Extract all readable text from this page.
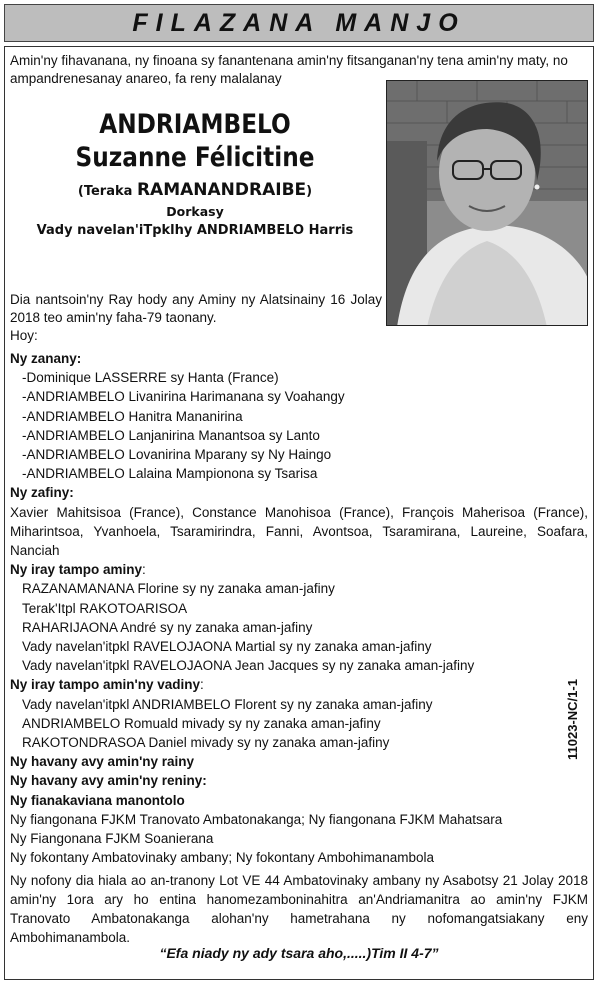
FILAZANA MANJO
Amin'ny fihavanana, ny finoana sy fanantenana amin'ny fitsanganan'ny tena amin'ny maty, no ampandrenesanay anareo, fa reny malalanay
ANDRIAMBELO
Suzanne Félicitine
(Teraka RAMANANDRAIBE)
Dorkasy
Vady navelan'iTpklhy ANDRIAMBELO Harris
Dia nantsoin'ny Ray hody any Aminy ny Alatsinainy 16 Jolay 2018 teo amin'ny faha-79 taonany.
Hoy:
Ny zanany:
-Dominique LASSERRE sy Hanta (France)
-ANDRIAMBELO Livanirina Harimanana sy Voahangy
-ANDRIAMBELO Hanitra Mananirina
-ANDRIAMBELO Lanjanirina Manantsoa sy Lanto
-ANDRIAMBELO Lovanirina Mparany sy Ny Haingo
-ANDRIAMBELO Lalaina Mampionona sy Tsarisa
Ny zafiny:
Xavier Mahitsisoa (France), Constance Manohisoa (France), François Maherisoa (France), Miharintsoa, Yvanhoela, Tsaramirindra, Fanni, Avontsoa, Tsaramirana, Laureine, Soafara, Nanciah
Ny iray tampo aminy:
RAZANAMANANA Florine sy ny zanaka aman-jafiny
Terak'Itpl RAKOTOARISOA
RAHARIJAONA André sy ny zanaka aman-jafiny
Vady navelan'itpkl RAVELOJAONA Martial sy ny zanaka aman-jafiny
Vady navelan'itpkl RAVELOJAONA Jean Jacques sy ny zanaka aman-jafiny
Ny iray tampo amin'ny vadiny:
Vady navelan'itpkl ANDRIAMBELO Florent sy ny zanaka aman-jafiny
ANDRIAMBELO Romuald mivady sy ny zanaka aman-jafiny
RAKOTONDRASOA Daniel mivady sy ny zanaka aman-jafiny
Ny havany avy amin'ny rainy
Ny havany avy amin'ny reniny:
Ny fianakaviana manontolo
Ny fiangonana FJKM Tranovato Ambatonakanga; Ny fiangonana FJKM Mahatsara
Ny Fiangonana FJKM Soanierana
Ny fokontany Ambatovinaky ambany; Ny fokontany Ambohimanambola
11023-NC/1-1
Ny nofony dia hiala ao an-tranony Lot VE 44 Ambatovinaky ambany ny Asabotsy 21 Jolay 2018 amin'ny 1ora ary ho entina hanomezamboninahitra an'Andriamanitra ao amin'ny FJKM Tranovato Ambatonakanga alohan'ny hametrahana ny nofomangatsiakany eny Ambohimanambola.
“Efa niady ny ady tsara aho,.....)Tim II 4-7”
